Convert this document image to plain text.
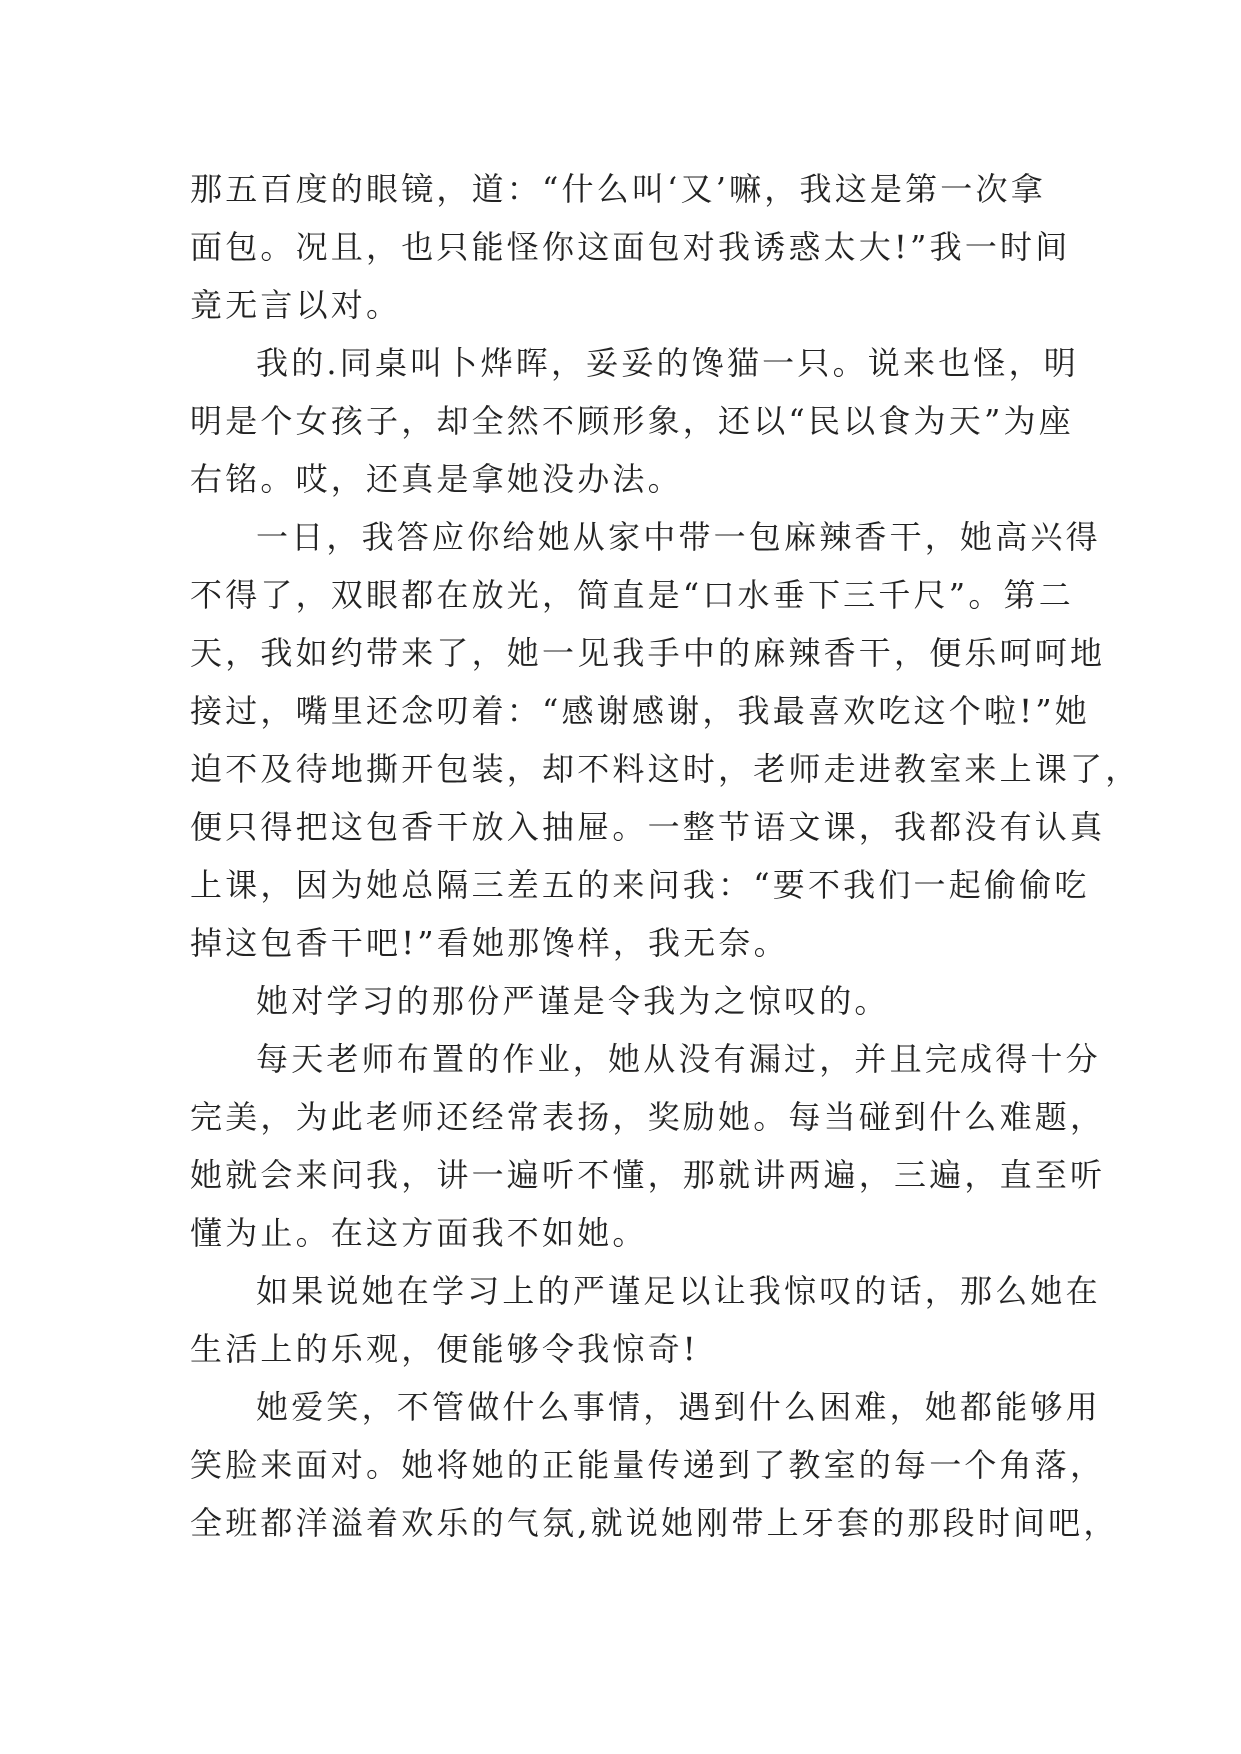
那五百度的眼镜，道：“什么叫‘又’嘛，我这是第一次拿
面包。况且，也只能怪你这面包对我诱惑太大!”我一时间
竟无言以对。
我的.同桌叫卜烨晖，妥妥的馋猫一只。说来也怪，明
明是个女孩子，却全然不顾形象，还以“民以食为天”为座
右铭。哎，还真是拿她没办法。
一日，我答应你给她从家中带一包麻辣香干，她高兴得
不得了，双眼都在放光，简直是“口水垂下三千尺”。第二
天，我如约带来了，她一见我手中的麻辣香干，便乐呵呵地
接过，嘴里还念叨着：“感谢感谢，我最喜欢吃这个啦!”她
迫不及待地撕开包装，却不料这时，老师走进教室来上课了，
便只得把这包香干放入抽屉。一整节语文课，我都没有认真
上课，因为她总隔三差五的来问我：“要不我们一起偷偷吃
掉这包香干吧!”看她那馋样，我无奈。
她对学习的那份严谨是令我为之惊叹的。
每天老师布置的作业，她从没有漏过，并且完成得十分
完美，为此老师还经常表扬，奖励她。每当碰到什么难题，
她就会来问我，讲一遍听不懂，那就讲两遍，三遍，直至听
懂为止。在这方面我不如她。
如果说她在学习上的严谨足以让我惊叹的话，那么她在
生活上的乐观，便能够令我惊奇!
她爱笑，不管做什么事情，遇到什么困难，她都能够用
笑脸来面对。她将她的正能量传递到了教室的每一个角落，
全班都洋溢着欢乐的气氛,就说她刚带上牙套的那段时间吧，
